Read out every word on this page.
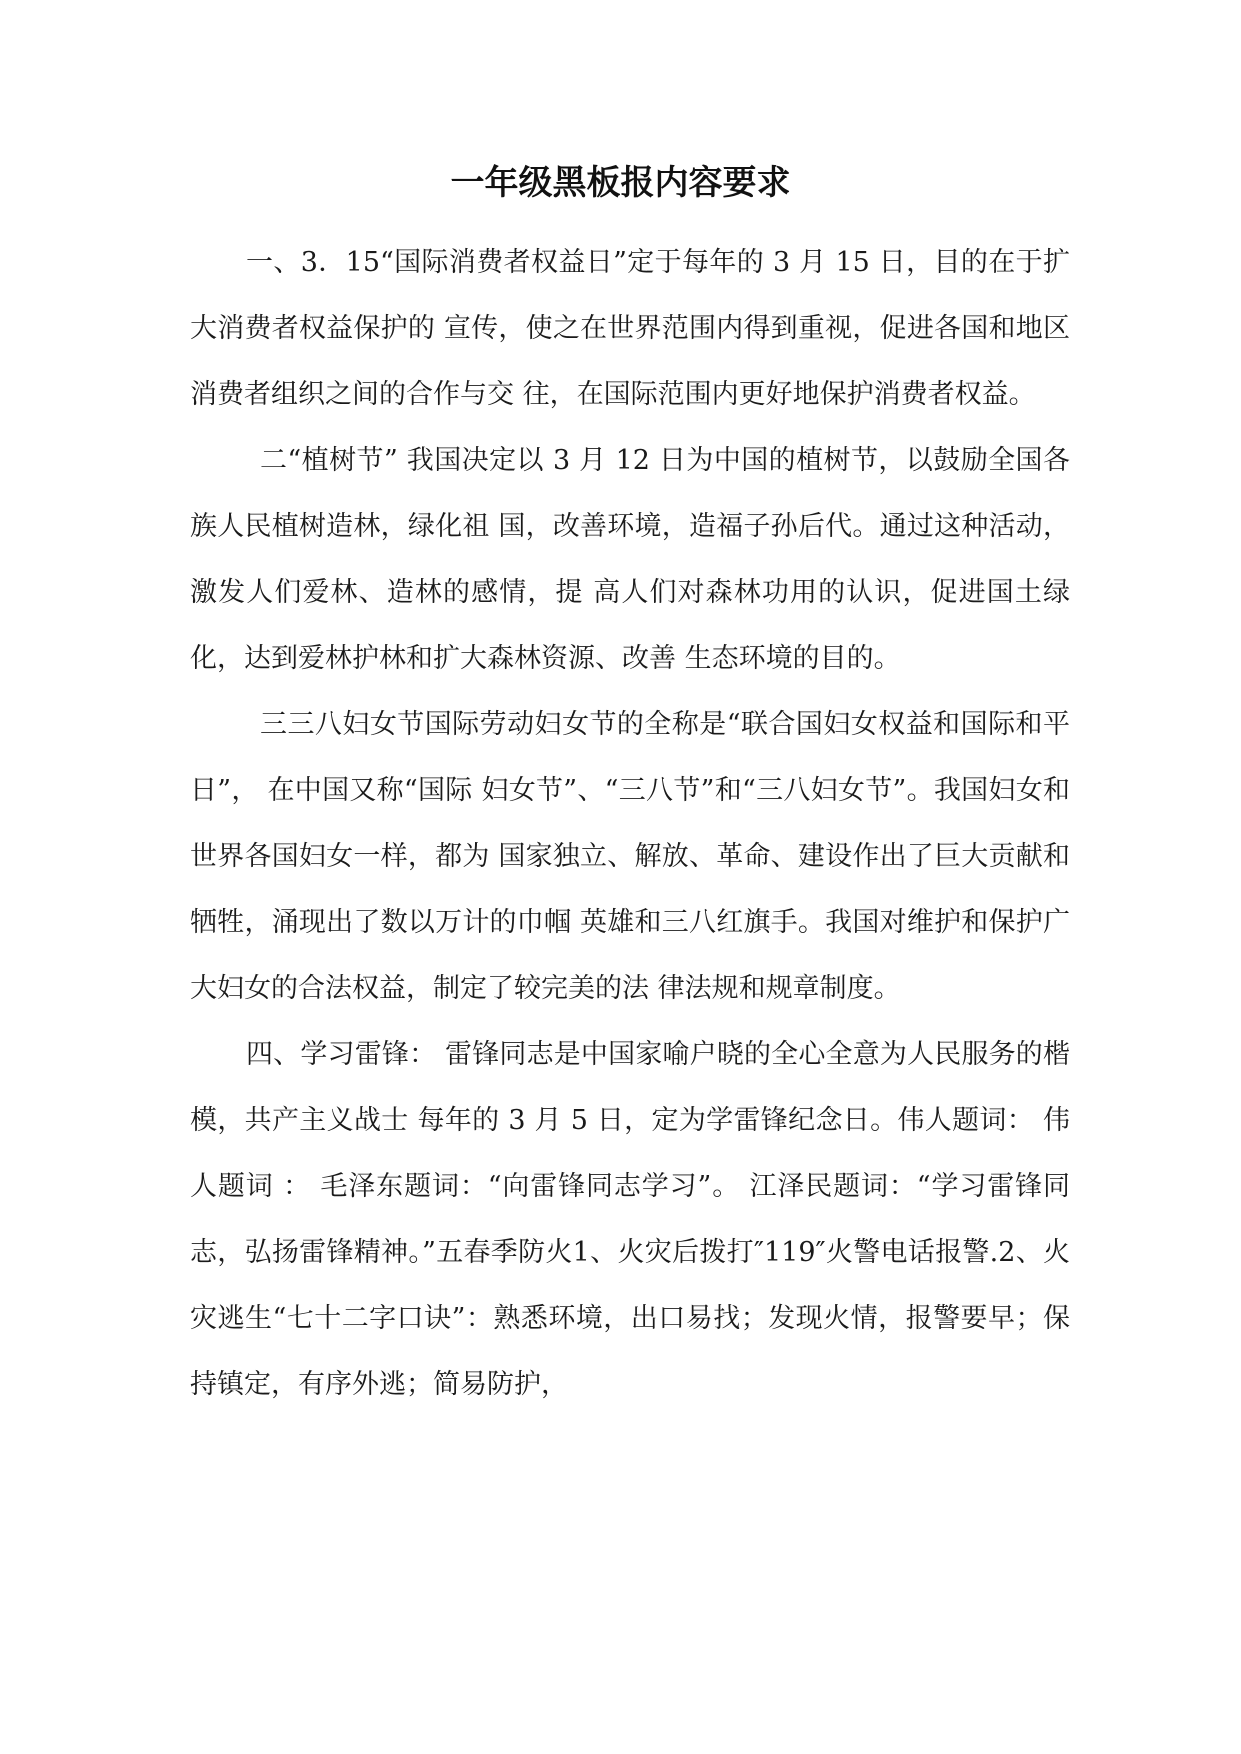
一年级黑板报内容要求

一、3．15“国际消费者权益日”定于每年的 3 月 15 日，目的在于扩大消费者权益保护的 宣传，使之在世界范围内得到重视，促进各国和地区消费者组织之间的合作与交 往，在国际范围内更好地保护消费者权益。

二“植树节” 我国决定以 3 月 12 日为中国的植树节，以鼓励全国各族人民植树造林，绿化祖 国，改善环境，造福子孙后代。通过这种活动，激发人们爱林、造林的感情，提 高人们对森林功用的认识，促进国土绿化，达到爱林护林和扩大森林资源、改善 生态环境的目的。

三三八妇女节国际劳动妇女节的全称是“联合国妇女权益和国际和平日”， 在中国又称“国际 妇女节”、“三八节”和“三八妇女节”。我国妇女和世界各国妇女一样，都为 国家独立、解放、革命、建设作出了巨大贡献和牺牲，涌现出了数以万计的巾帼 英雄和三八红旗手。我国对维护和保护广大妇女的合法权益，制定了较完美的法 律法规和规章制度。

四、学习雷锋： 雷锋同志是中国家喻户晓的全心全意为人民服务的楷模，共产主义战士 每年的 3 月 5 日，定为学雷锋纪念日。伟人题词： 伟人题词 ： 毛泽东题词：“向雷锋同志学习”。 江泽民题词：“学习雷锋同志，弘扬雷锋精神。”五春季防火1、火灾后拨打″119″火警电话报警.2、火灾逃生“七十二字口诀”：熟悉环境，出口易找；发现火情，报警要早；保持镇定，有序外逃；简易防护，
